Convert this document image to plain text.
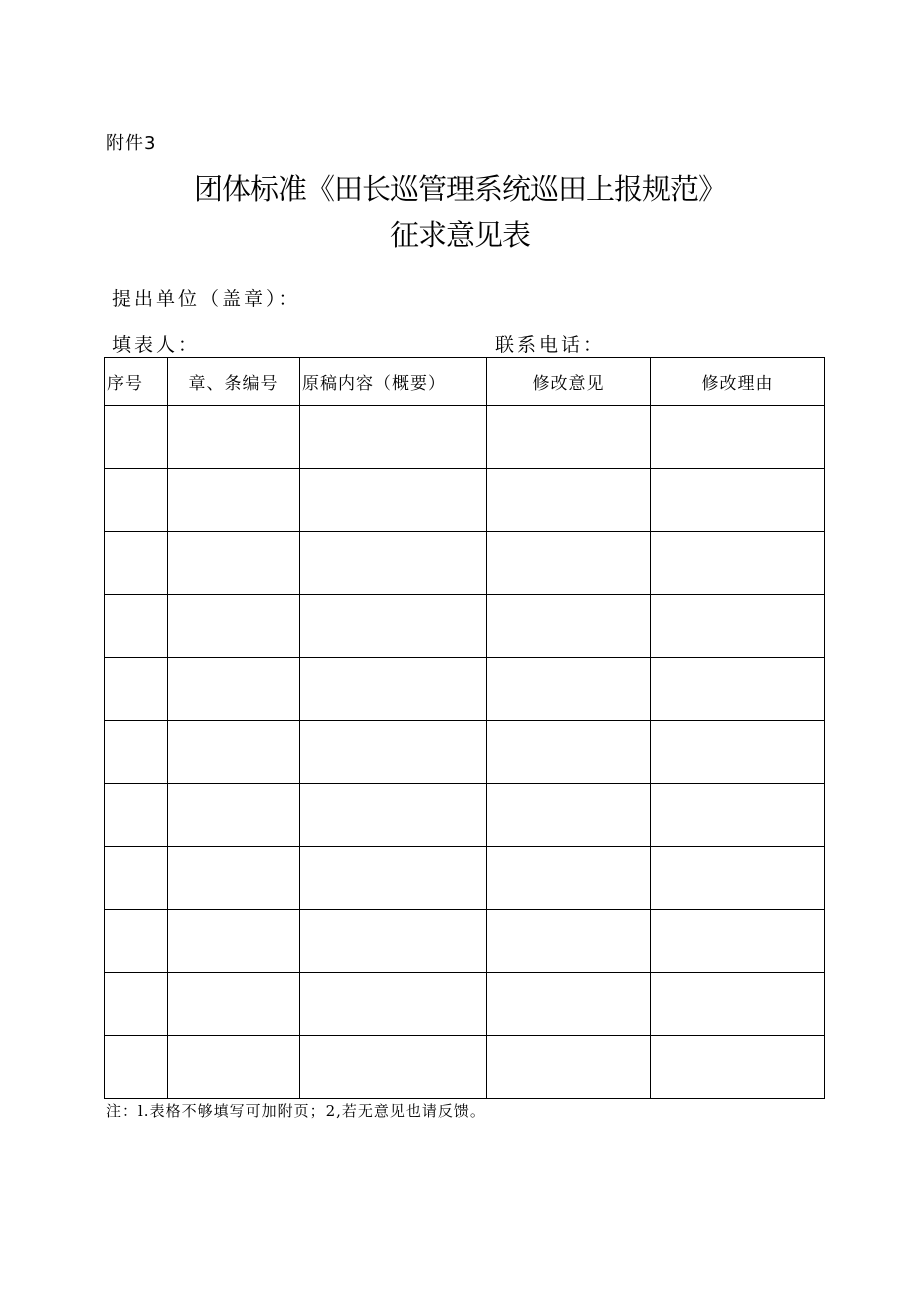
附件3
团体标准《田长巡管理系统巡田上报规范》
征求意见表
提出单位（盖章）：
填表人：	联系电话：
序号	章、条编号	原稿内容（概要）	修改意见	修改理由

注：l.表格不够填写可加附页；2,若无意见也请反馈。
